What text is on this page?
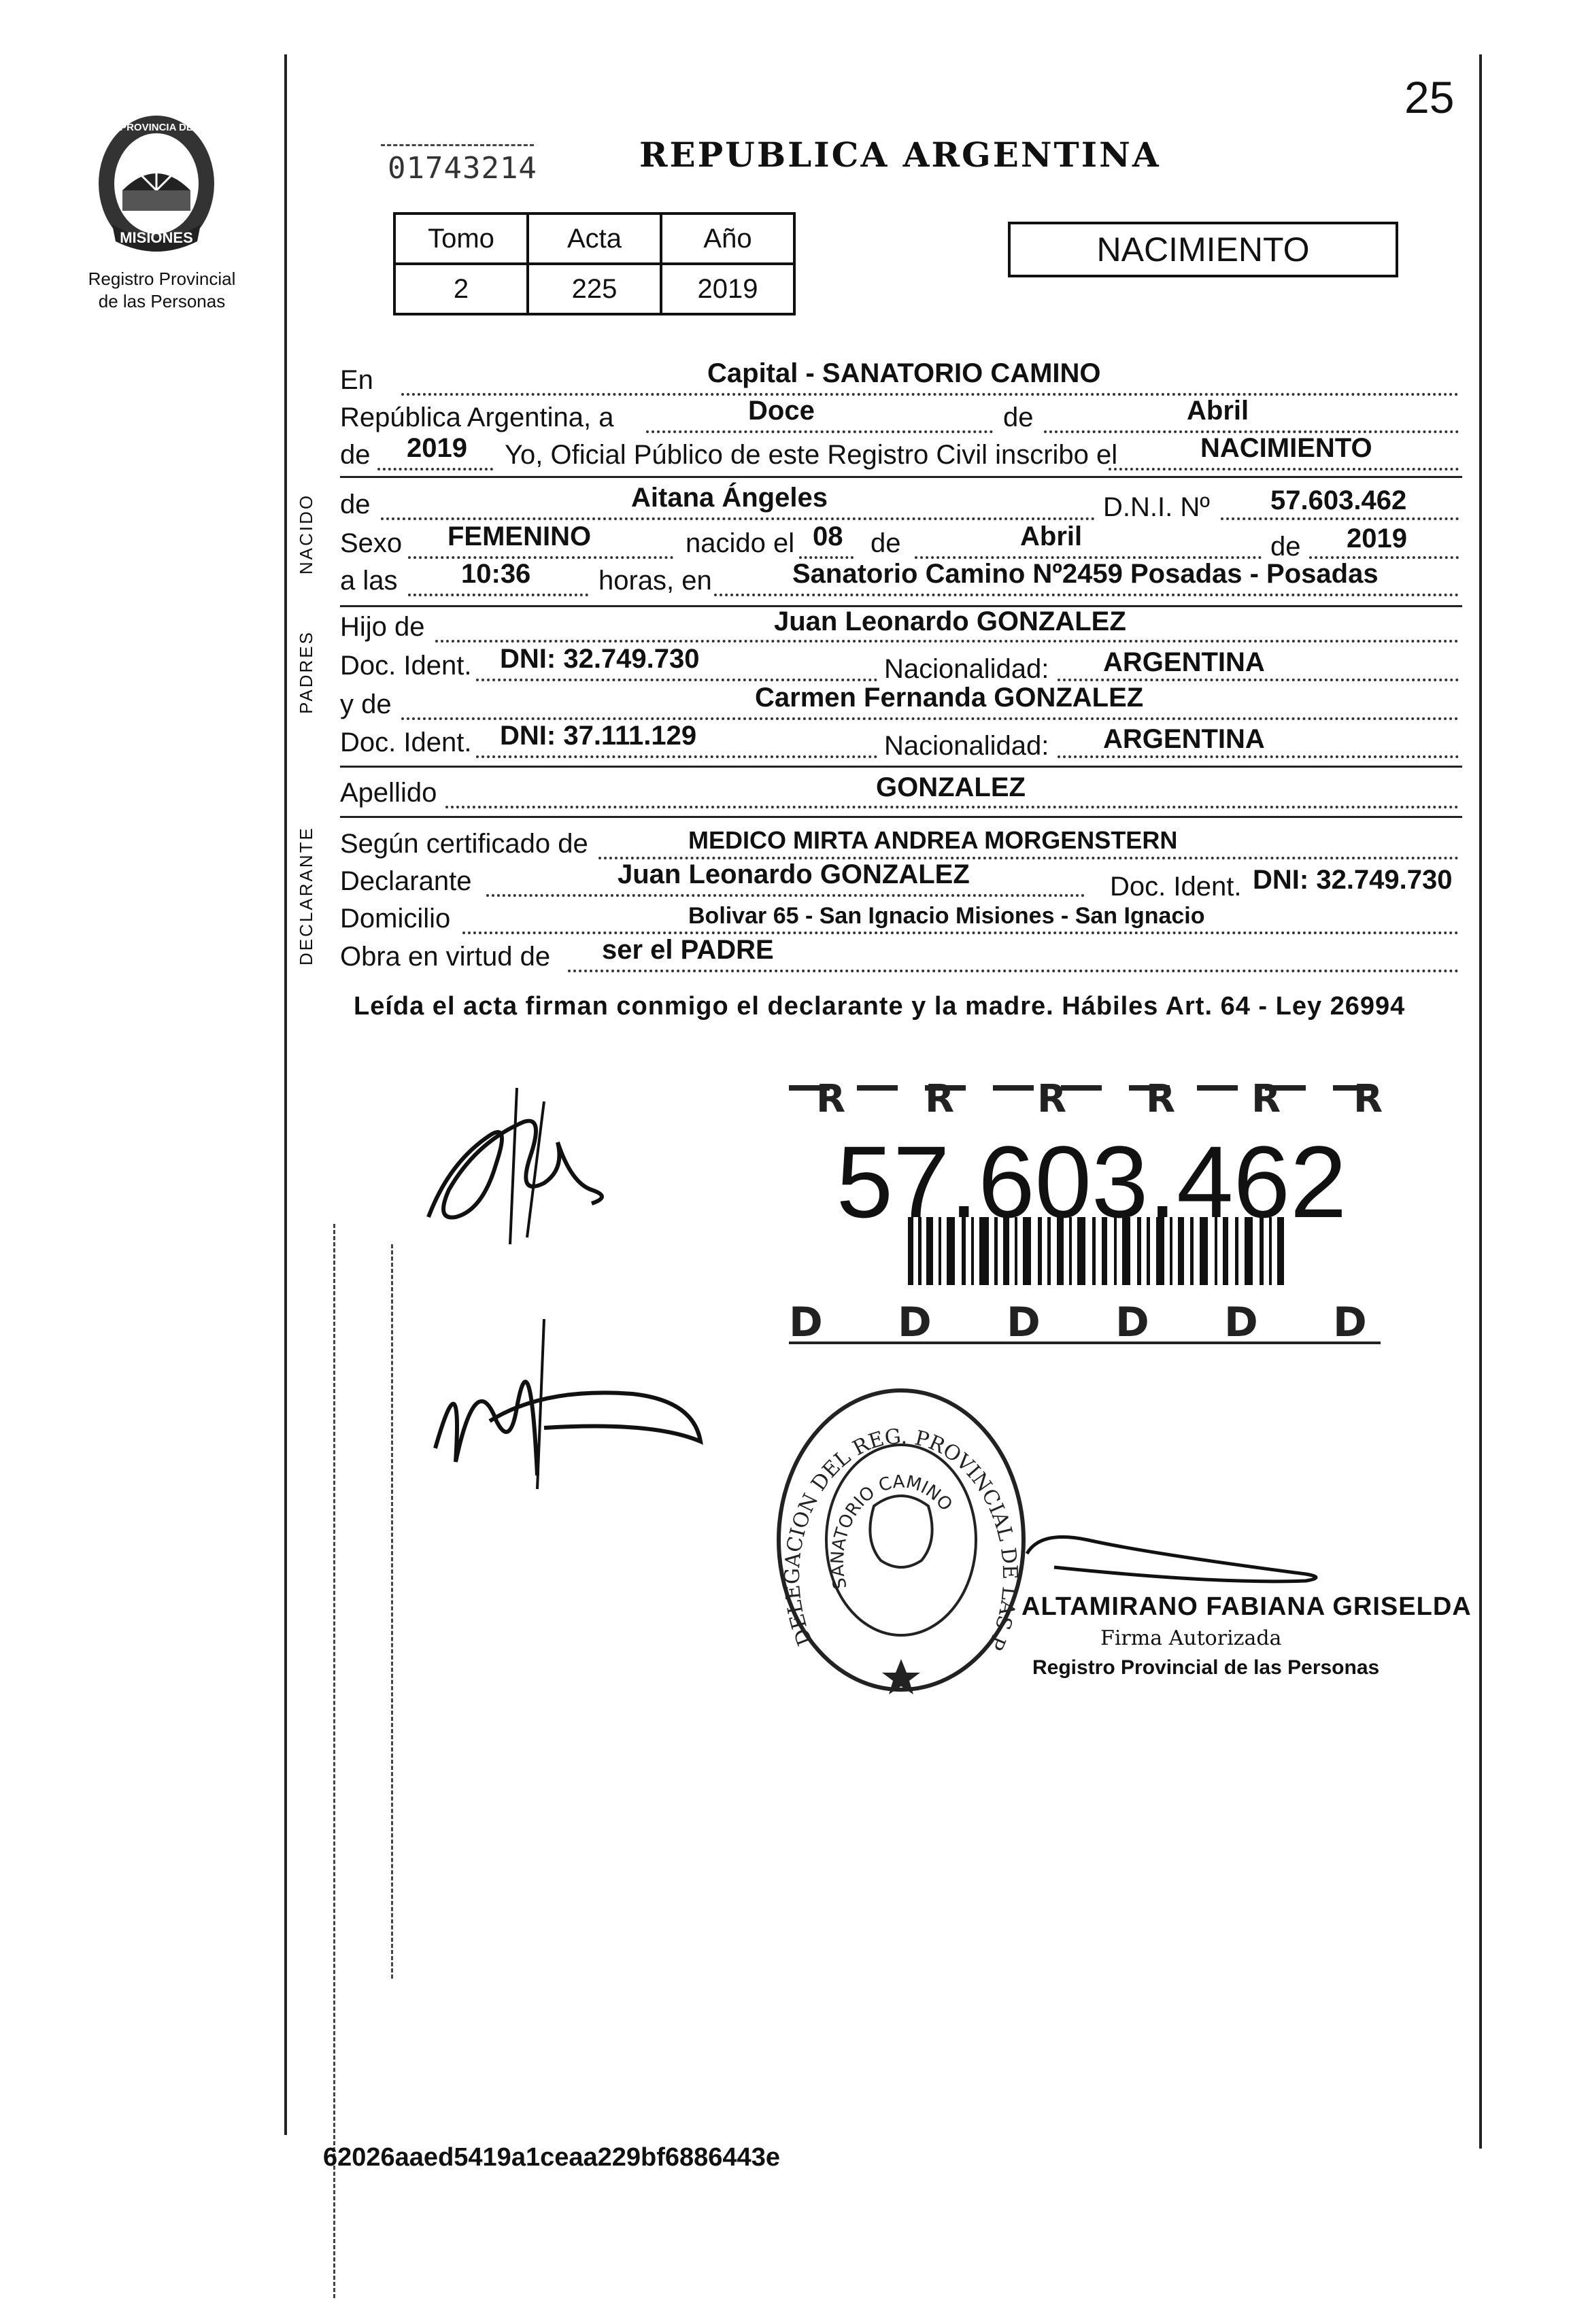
25
MISIONES
PROVINCIA DE
Registro Provincial
de las Personas
01743214	REPUBLICA ARGENTINA
Tomo	Acta	Año
2	225	2019
NACIMIENTO
NACIDO
PADRES
DECLARANTE
En	Capital - SANATORIO CAMINO
República Argentina, a	Doce	de	Abril
de 2019 Yo, Oficial Público de este Registro Civil inscribo el	NACIMIENTO
de	Aitana Ángeles	D.N.I. Nº 57.603.462
Sexo FEMENINO	nacido el 08 de	Abril	de 2019
a las 10:36 horas, en	Sanatorio Camino Nº2459 Posadas - Posadas
Hijo de	Juan Leonardo GONZALEZ
Doc. Ident. DNI: 32.749.730	Nacionalidad: ARGENTINA
y de	Carmen Fernanda GONZALEZ
Doc. Ident. DNI: 37.111.129	Nacionalidad: ARGENTINA
Apellido	GONZALEZ
Según certificado de	MEDICO MIRTA ANDREA MORGENSTERN
Declarante	Juan Leonardo GONZALEZ	Doc. Ident. DNI: 32.749.730
Domicilio	Bolivar 65 - San Ignacio Misiones - San Ignacio
Obra en virtud de ser el PADRE
Leída el acta firman conmigo el declarante y la madre. Hábiles Art. 64 - Ley 26994
R R R R R R
57.603.462
D D D D D D
DELEGACION DEL REG. PROVINCIAL DE LAS P
SANATORIO CAMINO
ALTAMIRANO FABIANA GRISELDA
Firma Autorizada
Registro Provincial de las Personas
62026aaed5419a1ceaa229bf6886443e
